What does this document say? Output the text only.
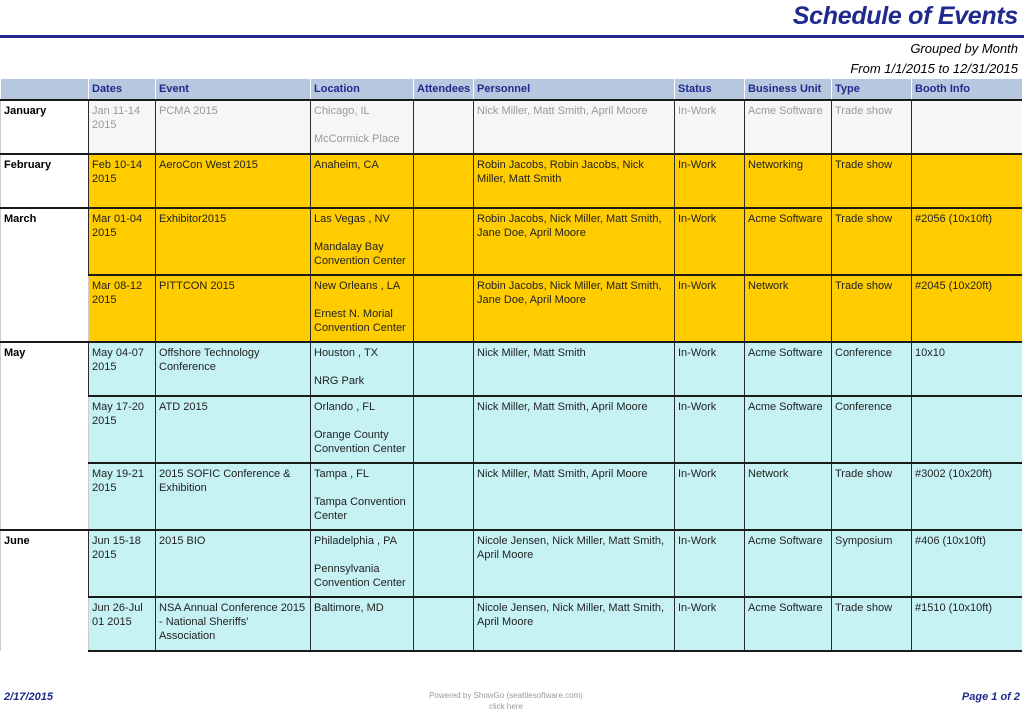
Schedule of Events
Grouped by Month
From 1/1/2015 to 12/31/2015
	Dates	Event	Location	Attendees	Personnel	Status	Business Unit	Type	Booth Info
January	Jan 11-14 2015	PCMA 2015	Chicago, IL
McCormick Place		Nick Miller, Matt Smith, April Moore	In-Work	Acme Software	Trade show	
February	Feb 10-14 2015	AeroCon West 2015	Anaheim, CA		Robin Jacobs, Robin Jacobs, Nick Miller, Matt Smith	In-Work	Networking	Trade show	
March	Mar 01-04 2015	Exhibitor2015	Las Vegas , NV
Mandalay Bay Convention Center		Robin Jacobs, Nick Miller, Matt Smith, Jane Doe, April Moore	In-Work	Acme Software	Trade show	#2056 (10x10ft)
	Mar 08-12 2015	PITTCON 2015	New Orleans , LA
Ernest N. Morial Convention Center		Robin Jacobs, Nick Miller, Matt Smith, Jane Doe, April Moore	In-Work	Network	Trade show	#2045 (10x20ft)
May	May 04-07 2015	Offshore Technology Conference	Houston , TX
NRG Park		Nick Miller, Matt Smith	In-Work	Acme Software	Conference	10x10
	May 17-20 2015	ATD 2015	Orlando , FL
Orange County Convention Center		Nick Miller, Matt Smith, April Moore	In-Work	Acme Software	Conference	
	May 19-21 2015	2015 SOFIC Conference & Exhibition	Tampa , FL
Tampa Convention Center		Nick Miller, Matt Smith, April Moore	In-Work	Network	Trade show	#3002 (10x20ft)
June	Jun 15-18 2015	2015 BIO	Philadelphia , PA
Pennsylvania Convention Center		Nicole Jensen, Nick Miller, Matt Smith, April Moore	In-Work	Acme Software	Symposium	#406 (10x10ft)
	Jun 26-Jul 01 2015	NSA Annual Conference 2015 - National Sheriffs' Association	Baltimore, MD		Nicole Jensen, Nick Miller, Matt Smith, April Moore	In-Work	Acme Software	Trade show	#1510 (10x10ft)
2/17/2015	Powered by ShowGo (seattlesoftware.com)
click here
Page 1 of 2
